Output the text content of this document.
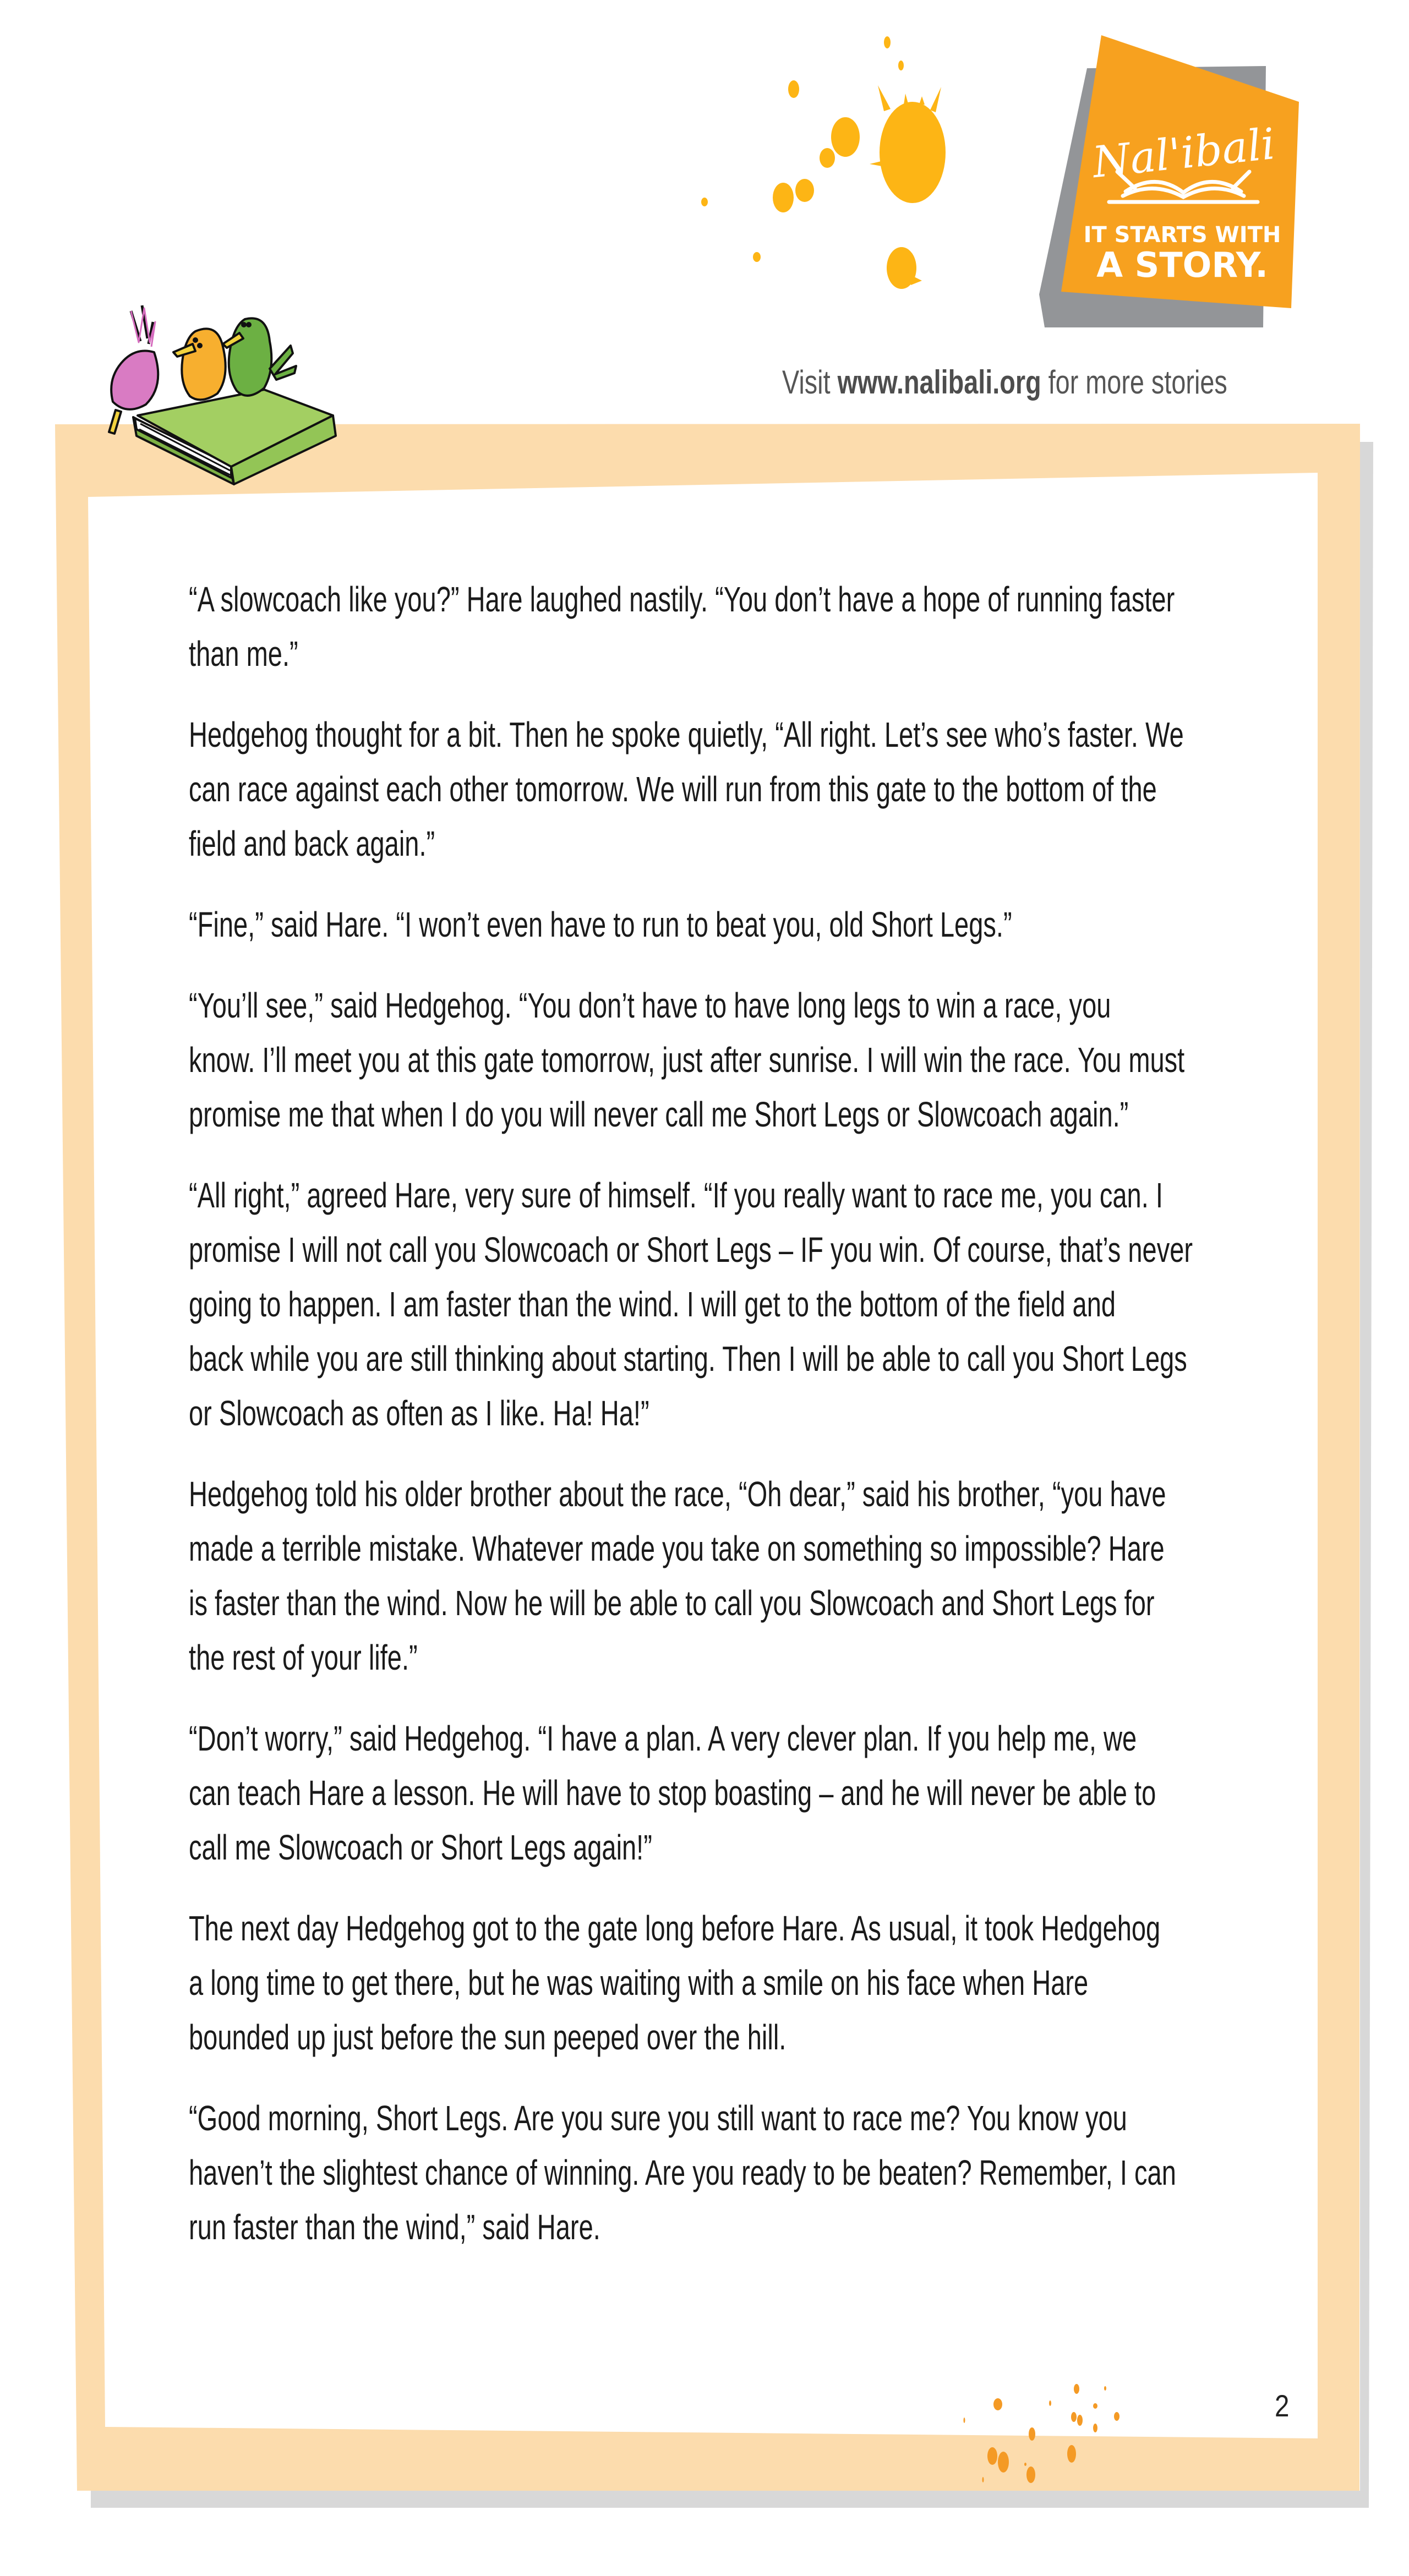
Nal'ibali
IT STARTS WITH
A STORY.
Visit www.nalibali.org for more stories

“A slowcoach like you?” Hare laughed nastily. “You don’t have a hope of running faster
than me.”

Hedgehog thought for a bit. Then he spoke quietly, “All right. Let’s see who’s faster. We
can race against each other tomorrow. We will run from this gate to the bottom of the
field and back again.”

“Fine,” said Hare. “I won’t even have to run to beat you, old Short Legs.”

“You’ll see,” said Hedgehog. “You don’t have to have long legs to win a race, you
know. I’ll meet you at this gate tomorrow, just after sunrise. I will win the race. You must
promise me that when I do you will never call me Short Legs or Slowcoach again.”

“All right,” agreed Hare, very sure of himself. “If you really want to race me, you can. I
promise I will not call you Slowcoach or Short Legs – IF you win. Of course, that’s never
going to happen. I am faster than the wind. I will get to the bottom of the field and
back while you are still thinking about starting. Then I will be able to call you Short Legs
or Slowcoach as often as I like. Ha! Ha!”

Hedgehog told his older brother about the race, “Oh dear,” said his brother, “you have
made a terrible mistake. Whatever made you take on something so impossible? Hare
is faster than the wind. Now he will be able to call you Slowcoach and Short Legs for
the rest of your life.”

“Don’t worry,” said Hedgehog. “I have a plan. A very clever plan. If you help me, we
can teach Hare a lesson. He will have to stop boasting – and he will never be able to
call me Slowcoach or Short Legs again!”

The next day Hedgehog got to the gate long before Hare. As usual, it took Hedgehog
a long time to get there, but he was waiting with a smile on his face when Hare
bounded up just before the sun peeped over the hill.

“Good morning, Short Legs. Are you sure you still want to race me? You know you
haven’t the slightest chance of winning. Are you ready to be beaten? Remember, I can
run faster than the wind,” said Hare.

2
